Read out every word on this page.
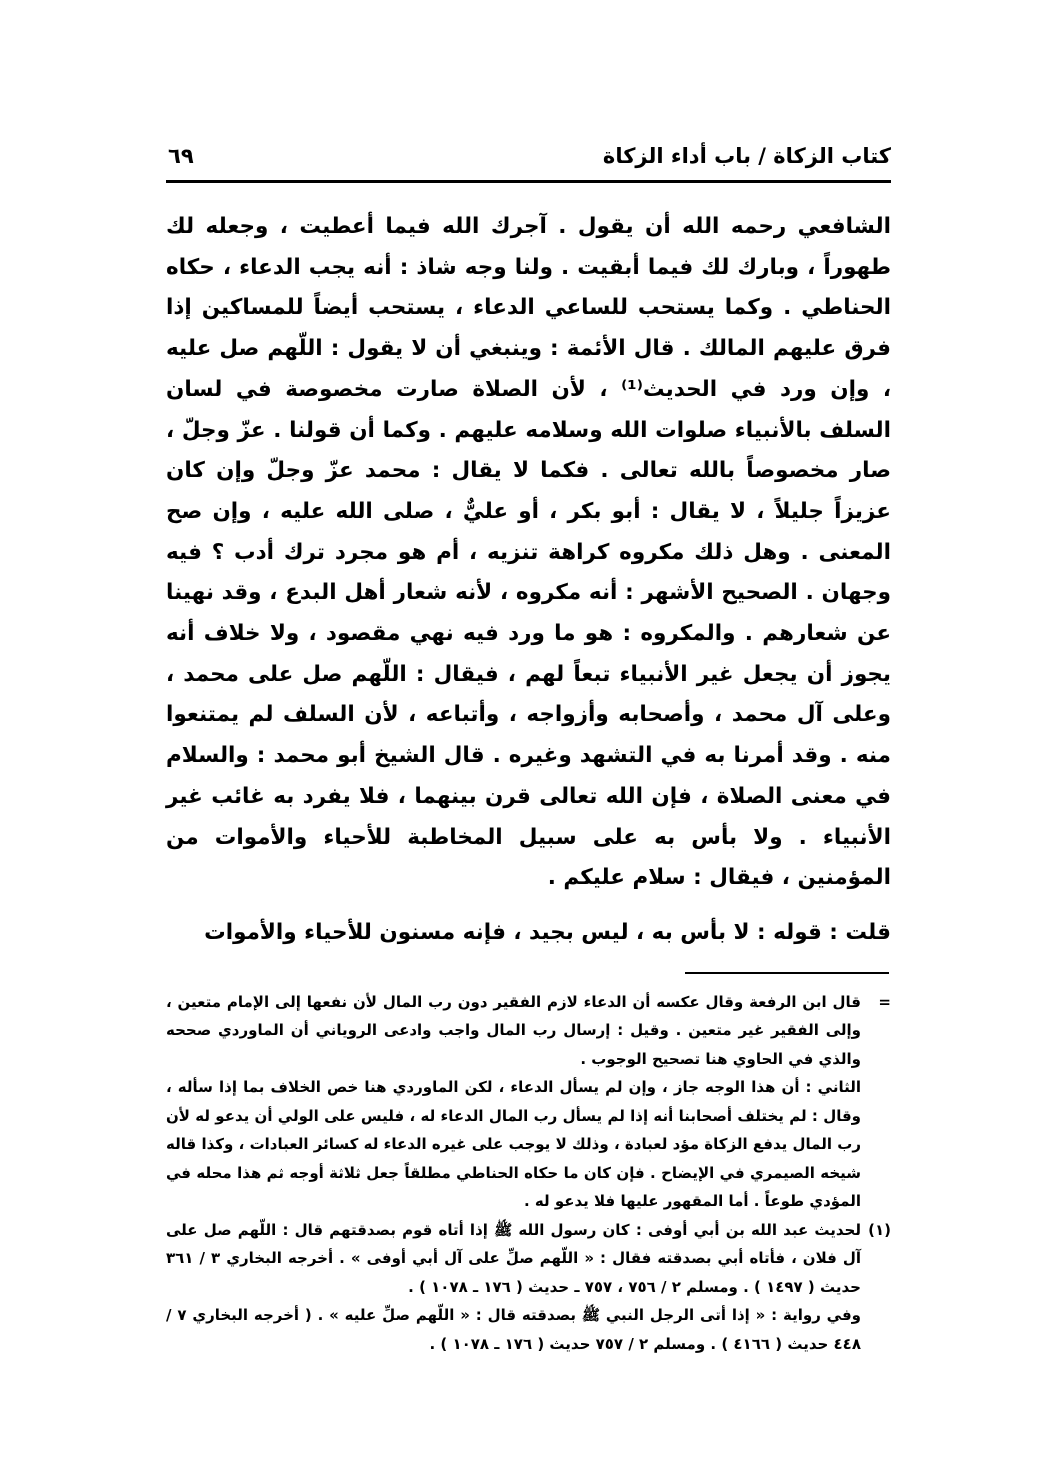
كتاب الزكاة / باب أداء الزكاة
٦٩

الشافعي رحمه الله أن يقول . آجرك الله فيما أعطيت ، وجعله لك طهوراً ، وبارك لك فيما أبقيت . ولنا وجه شاذ : أنه يجب الدعاء ، حكاه الحناطي . وكما يستحب للساعي الدعاء ، يستحب أيضاً للمساكين إذا فرق عليهم المالك . قال الأئمة : وينبغي أن لا يقول : اللّهم صل عليه ، وإن ورد في الحديث⁽¹⁾ ، لأن الصلاة صارت مخصوصة في لسان السلف بالأنبياء صلوات الله وسلامه عليهم . وكما أن قولنا . عزّ وجلّ ، صار مخصوصاً بالله تعالى . فكما لا يقال : محمد عزّ وجلّ وإن كان عزيزاً جليلاً ، لا يقال : أبو بكر ، أو عليٌّ ، صلى الله عليه ، وإن صح المعنى . وهل ذلك مكروه كراهة تنزيه ، أم هو مجرد ترك أدب ؟ فيه وجهان . الصحيح الأشهر : أنه مكروه ، لأنه شعار أهل البدع ، وقد نهينا عن شعارهم . والمكروه : هو ما ورد فيه نهي مقصود ، ولا خلاف أنه يجوز أن يجعل غير الأنبياء تبعاً لهم ، فيقال : اللّهم صل على محمد ، وعلى آل محمد ، وأصحابه وأزواجه ، وأتباعه ، لأن السلف لم يمتنعوا منه . وقد أمرنا به في التشهد وغيره . قال الشيخ أبو محمد : والسلام في معنى الصلاة ، فإن الله تعالى قرن بينهما ، فلا يفرد به غائب غير الأنبياء . ولا بأس به على سبيل المخاطبة للأحياء والأموات من المؤمنين ، فيقال : سلام عليكم .

قلت : قوله : لا بأس به ، ليس بجيد ، فإنه مسنون للأحياء والأموات

=

قال ابن الرفعة وقال عكسه أن الدعاء لازم الفقير دون رب المال لأن نفعها إلى الإمام متعين ، وإلى الفقير غير متعين . وقيل : إرسال رب المال واجب وادعى الروياني أن الماوردي صححه والذي في الحاوي هنا تصحيح الوجوب .

الثاني : أن هذا الوجه جاز ، وإن لم يسأل الدعاء ، لكن الماوردي هنا خص الخلاف بما إذا سأله ، وقال : لم يختلف أصحابنا أنه إذا لم يسأل رب المال الدعاء له ، فليس على الولي أن يدعو له لأن رب المال يدفع الزكاة مؤد لعبادة ، وذلك لا يوجب على غيره الدعاء له كسائر العبادات ، وكذا قاله شيخه الصيمري في الإيضاح . فإن كان ما حكاه الحناطي مطلقاً جعل ثلاثة أوجه ثم هذا محله في المؤدي طوعاً . أما المقهور عليها فلا يدعو له .

(١)

لحديث عبد الله بن أبي أوفى : كان رسول الله ﷺ إذا أتاه قوم بصدقتهم قال : اللّهم صل على آل فلان ، فأتاه أبي بصدقته فقال : « اللّهم صلِّ على آل أبي أوفى » . أخرجه البخاري ٣ / ٣٦١ حديث ( ١٤٩٧ ) . ومسلم ٢ / ٧٥٦ ، ٧٥٧ ـ حديث ( ١٧٦ ـ ١٠٧٨ ) .

وفي رواية : « إذا أتى الرجل النبي ﷺ بصدقته قال : « اللّهم صلِّ عليه » . ( أخرجه البخاري ٧ / ٤٤٨ حديث ( ٤١٦٦ ) . ومسلم ٢ / ٧٥٧ حديث ( ١٧٦ ـ ١٠٧٨ ) .
